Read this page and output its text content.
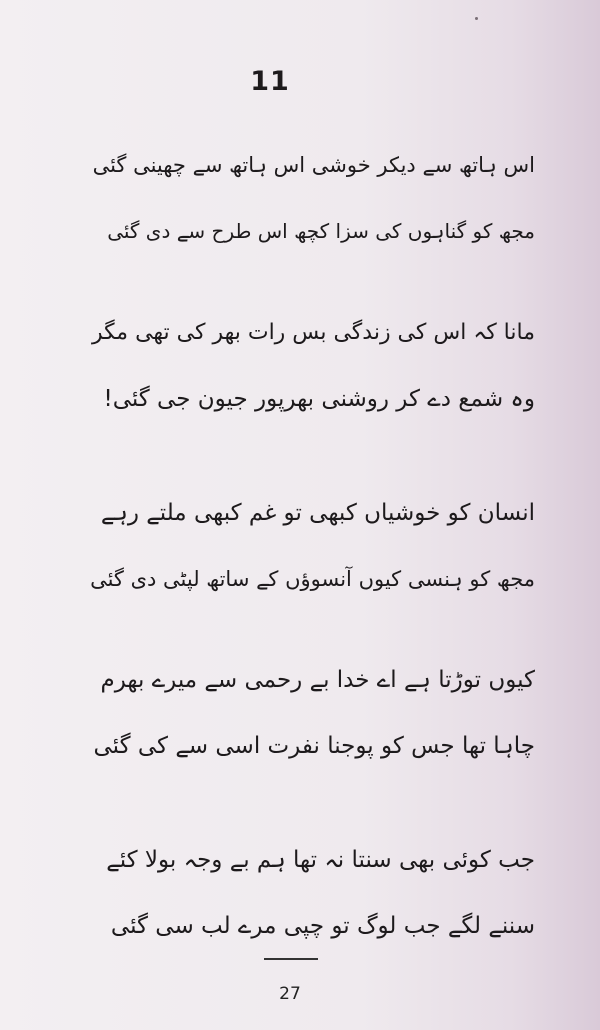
11
اس ہاتھ سے دیکر خوشی اس ہاتھ سے چھینی گئی
مجھ کو گناہوں کی سزا کچھ اس طرح سے دی گئی
مانا کہ اس کی زندگی بس رات بھر کی تھی مگر
وہ شمع دے کر روشنی بھرپور جیون جی گئی!
انسان کو خوشیاں کبھی تو غم کبھی ملتے رہے
مجھ کو ہنسی کیوں آنسوؤں کے ساتھ لپٹی دی گئی
کیوں توڑتا ہے اے خدا بے رحمی سے میرے بھرم
چاہا تھا جس کو پوجنا نفرت اسی سے کی گئی
جب کوئی بھی سنتا نہ تھا ہم بے وجہ بولا کئے
سننے لگے جب لوگ تو چپی مرے لب سی گئی
27
